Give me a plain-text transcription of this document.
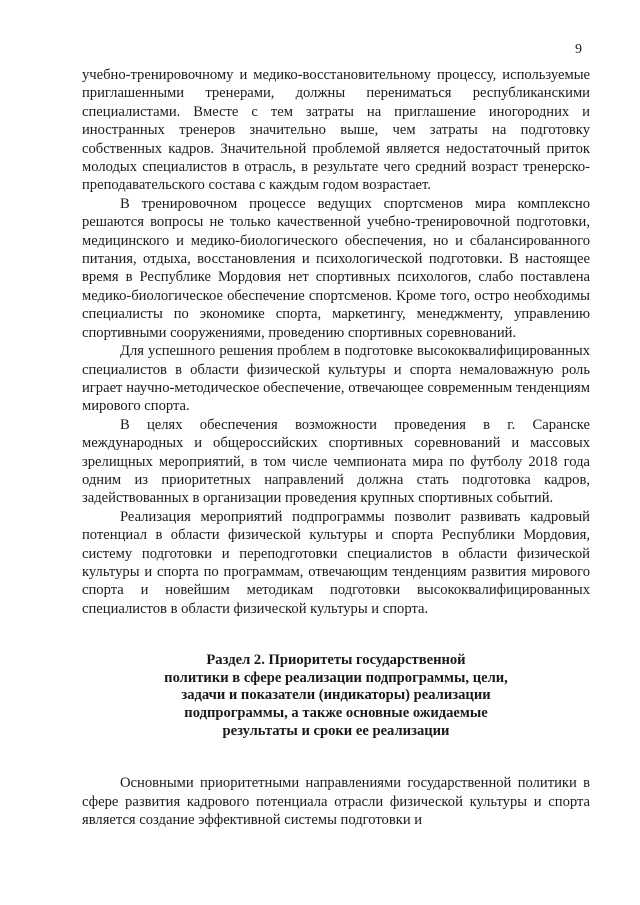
9

учебно-тренировочному и медико-восстановительному процессу, используемые приглашенными тренерами, должны перениматься республиканскими специалистами. Вместе с тем затраты на приглашение иногородних и иностранных тренеров значительно выше, чем затраты на подготовку собственных кадров. Значительной проблемой является недостаточный приток молодых специалистов в отрасль, в результате чего средний возраст тренерско-преподавательского состава с каждым годом возрастает.

В тренировочном процессе ведущих спортсменов мира комплексно решаются вопросы не только качественной учебно-тренировочной подготовки, медицинского и медико-биологического обеспечения, но и сбалансированного питания, отдыха, восстановления и психологической подготовки. В настоящее время в Республике Мордовия нет спортивных психологов, слабо поставлена медико-биологическое обеспечение спортсменов. Кроме того, остро необходимы специалисты по экономике спорта, маркетингу, менеджменту, управлению спортивными сооружениями, проведению спортивных соревнований.

Для успешного решения проблем в подготовке высококвалифицированных специалистов в области физической культуры и спорта немаловажную роль играет научно-методическое обеспечение, отвечающее современным тенденциям мирового спорта.

В целях обеспечения возможности проведения в г. Саранске международных и общероссийских спортивных соревнований и массовых зрелищных мероприятий, в том числе чемпионата мира по футболу 2018 года одним из приоритетных направлений должна стать подготовка кадров, задействованных в организации проведения крупных спортивных событий.

Реализация мероприятий подпрограммы позволит развивать кадровый потенциал в области физической культуры и спорта Республики Мордовия, систему подготовки и переподготовки специалистов в области физической культуры и спорта по программам, отвечающим тенденциям развития мирового спорта и новейшим методикам подготовки высококвалифицированных специалистов в области физической культуры и спорта.

Раздел 2. Приоритеты государственной
политики в сфере реализации подпрограммы, цели,
задачи и показатели (индикаторы) реализации
подпрограммы, а также основные ожидаемые
результаты и сроки ее реализации

Основными приоритетными направлениями государственной политики в сфере развития кадрового потенциала отрасли физической культуры и спорта является создание эффективной системы подготовки и
